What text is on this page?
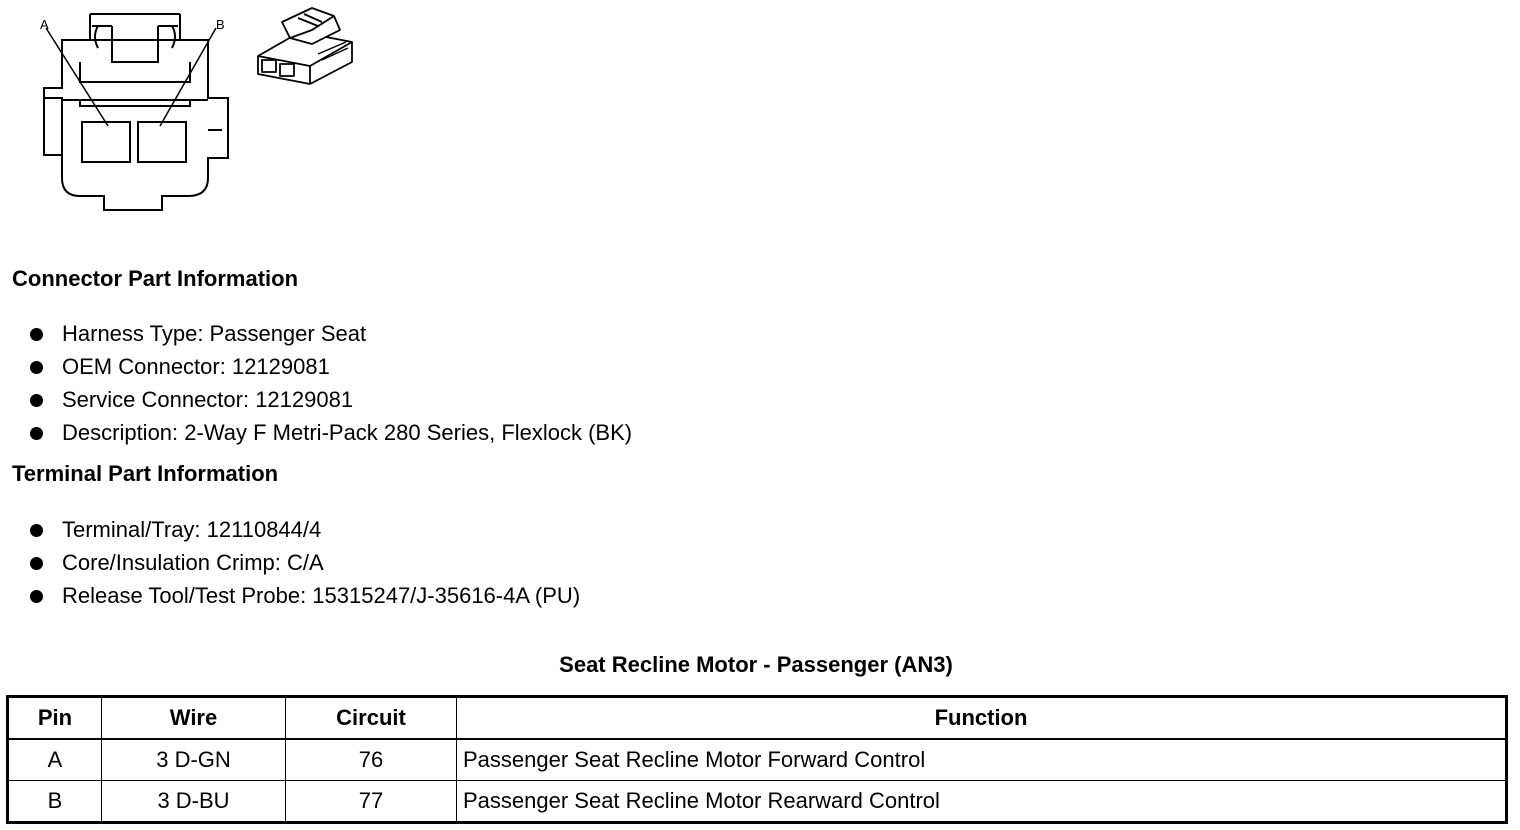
A	B
Connector Part Information
Harness Type: Passenger Seat
OEM Connector: 12129081
Service Connector: 12129081
Description: 2-Way F Metri-Pack 280 Series, Flexlock (BK)
Terminal Part Information
Terminal/Tray: 12110844/4
Core/Insulation Crimp: C/A
Release Tool/Test Probe: 15315247/J-35616-4A (PU)
Seat Recline Motor - Passenger (AN3)
Pin	Wire	Circuit	Function
A	3 D-GN	76	Passenger Seat Recline Motor Forward Control
B	3 D-BU	77	Passenger Seat Recline Motor Rearward Control
